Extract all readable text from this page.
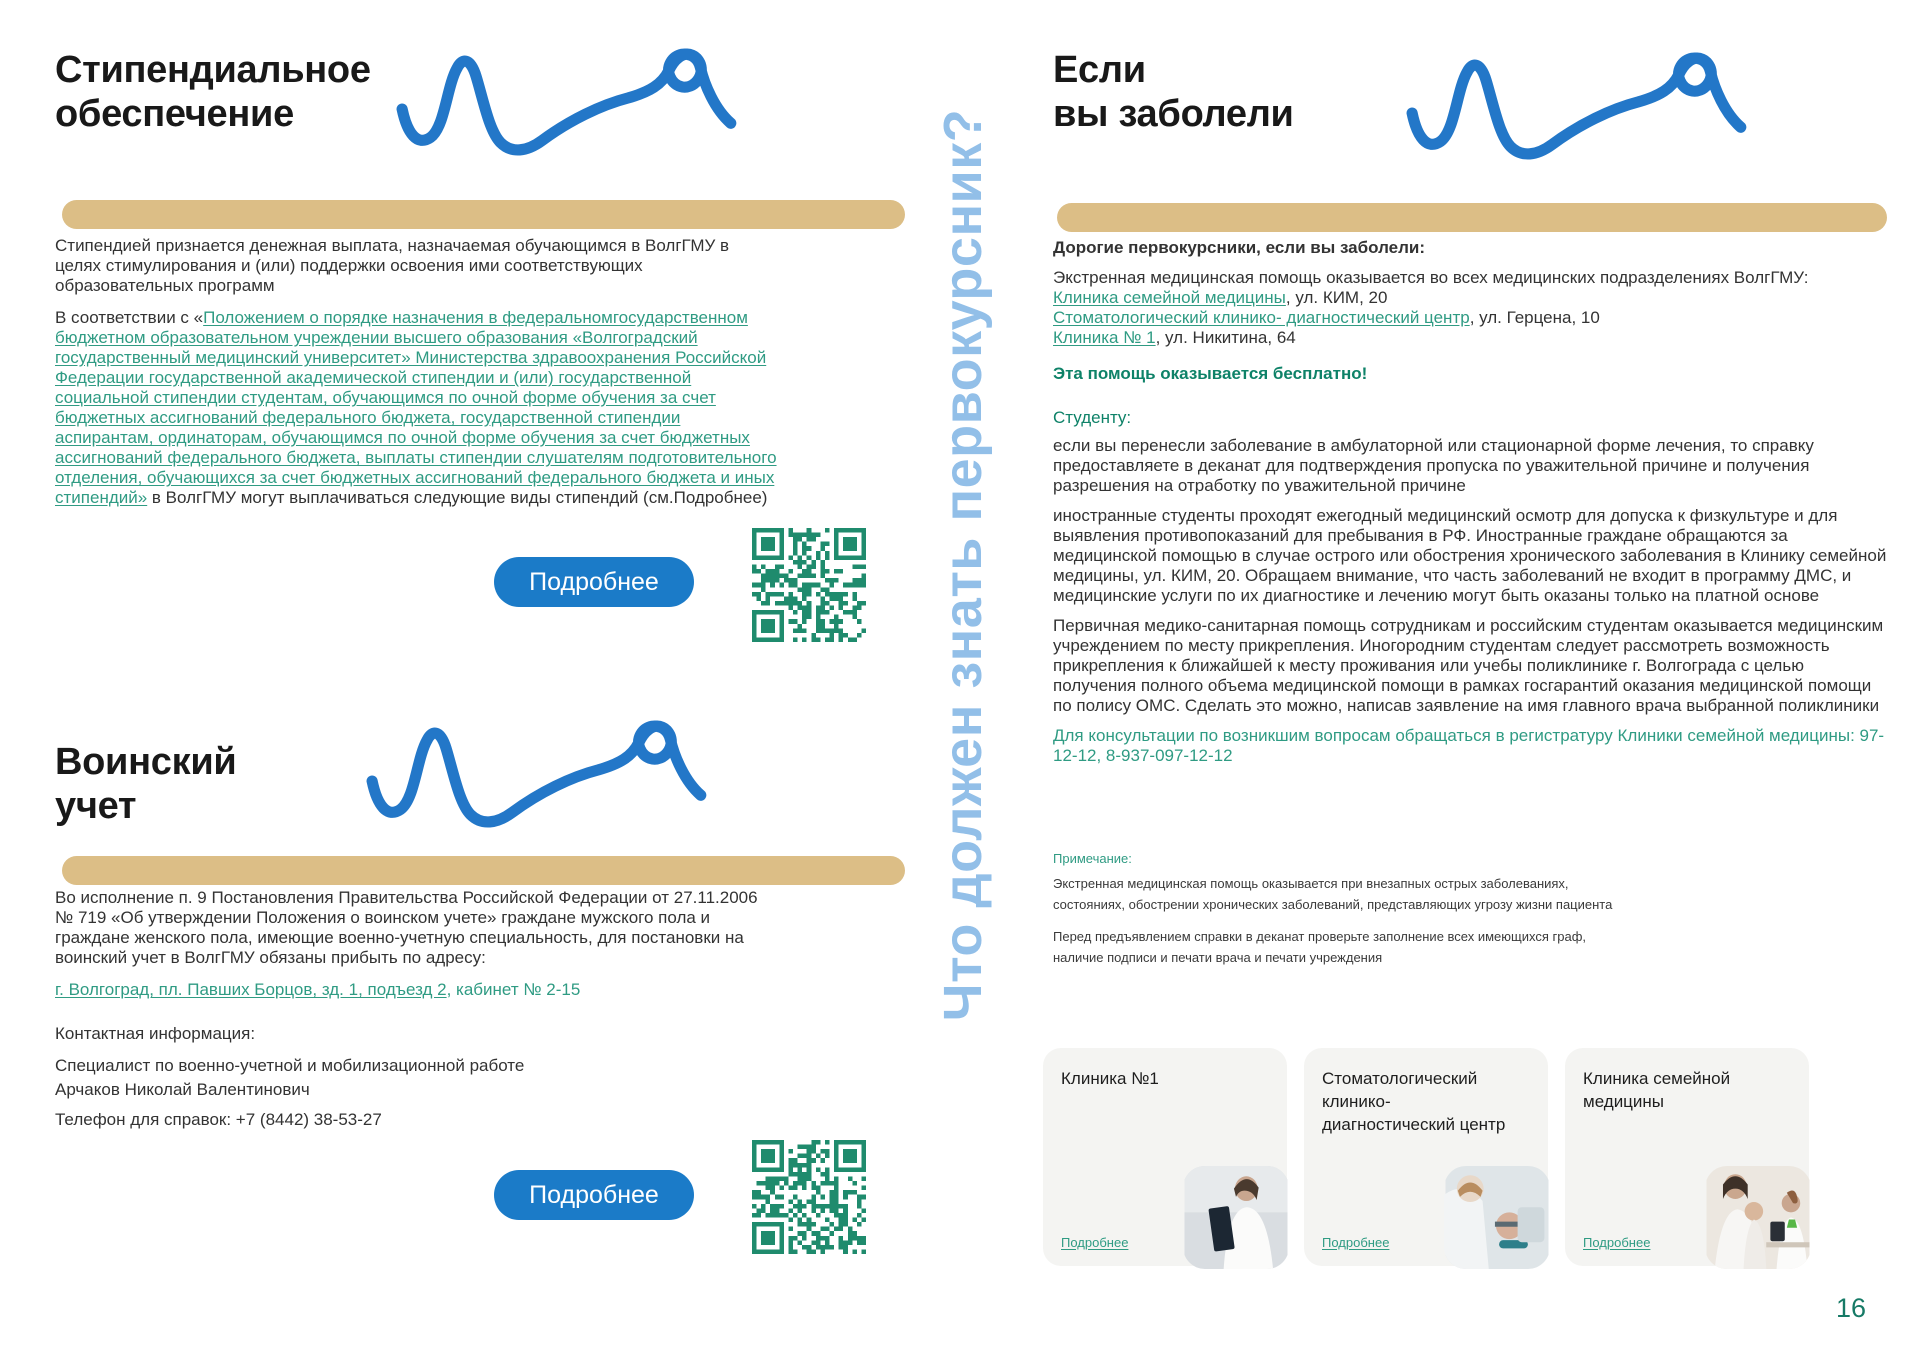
Стипендиальное
обеспечение

Стипендией признается денежная выплата, назначаемая обучающимся в ВолгГМУ в целях стимулирования и (или) поддержки освоения ими соответствующих образовательных программ

В соответствии с «Положением о порядке назначения в федеральномгосударственном бюджетном образовательном учреждении высшего образования «Волгоградский государственный медицинский университет» Министерства здравоохранения Российской Федерации государственной академической стипендии и (или) государственной социальной стипендии студентам, обучающимся по очной форме обучения за счет бюджетных ассигнований федерального бюджета, государственной стипендии аспирантам, ординаторам, обучающимся по очной форме обучения за счет бюджетных ассигнований федерального бюджета, выплаты стипендии слушателям подготовительного отделения, обучающихся за счет бюджетных ассигнований федерального бюджета и иных стипендий» в ВолгГМУ могут выплачиваться следующие виды стипендий (см.Подробнее)

Подробнее
Воинский
учет

Во исполнение п. 9 Постановления Правительства Российской Федерации от 27.11.2006 № 719 «Об утверждении Положения о воинском учете» граждане мужского пола и граждане женского пола, имеющие военно-учетную специальность, для постановки на воинский учет в ВолгГМУ обязаны прибыть по адресу:

г. Волгоград, пл. Павших Борцов, зд. 1, подъезд 2, кабинет № 2-15

Контактная информация:

Специалист по военно-учетной и мобилизационной работе
Арчаков Николай Валентинович

Телефон для справок: +7 (8442) 38-53-27

Подробнее
Что должен знать первокурсник?
Если
вы заболели

Дорогие первокурсники, если вы заболели:

Экстренная медицинская помощь оказывается во всех медицинских подразделениях ВолгГМУ:

Клиника семейной медицины, ул. КИМ, 20
Стоматологический клинико- диагностический центр, ул. Герцена, 10
Клиника № 1, ул. Никитина, 64
Эта помощь оказывается бесплатно!
Студенту:

если вы перенесли заболевание в амбулаторной или стационарной форме лечения, то справку предоставляете в деканат для подтверждения пропуска по уважительной причине и получения разрешения на отработку по уважительной причине

иностранные студенты проходят ежегодный медицинский осмотр для допуска к физкультуре и для выявления противопоказаний для пребывания в РФ. Иностранные граждане обращаются за медицинской помощью в случае острого или обострения хронического заболевания в Клинику семейной медицины, ул. КИМ, 20. Обращаем внимание, что часть заболеваний не входит в программу ДМС, и медицинские услуги по их диагностике и лечению могут быть оказаны только на платной основе

Первичная медико-санитарная помощь сотрудникам и российским студентам оказывается медицинским учреждением по месту прикрепления. Иногородним студентам следует рассмотреть возможность прикрепления к ближайшей к месту проживания или учебы поликлинике г. Волгограда с целью получения полного объема медицинской помощи в рамках госгарантий оказания медицинской помощи по полису ОМС. Сделать это можно, написав заявление на имя главного врача выбранной поликлиники

Для консультации по возникшим вопросам обращаться в регистратуру Клиники семейной медицины: 97-12-12, 8-937-097-12-12
Примечание:

Экстренная медицинская помощь оказывается при внезапных острых заболеваниях, состояниях, обострении хронических заболеваний, представляющих угрозу жизни пациента

Перед предъявлением справки в деканат проверьте заполнение всех имеющихся граф, наличие подписи и печати врача и печати учреждения

Клиника №1
Подробнее
Стоматологический клинико-диагностический центр
Подробнее
Клиника семейной медицины
Подробнее
16
